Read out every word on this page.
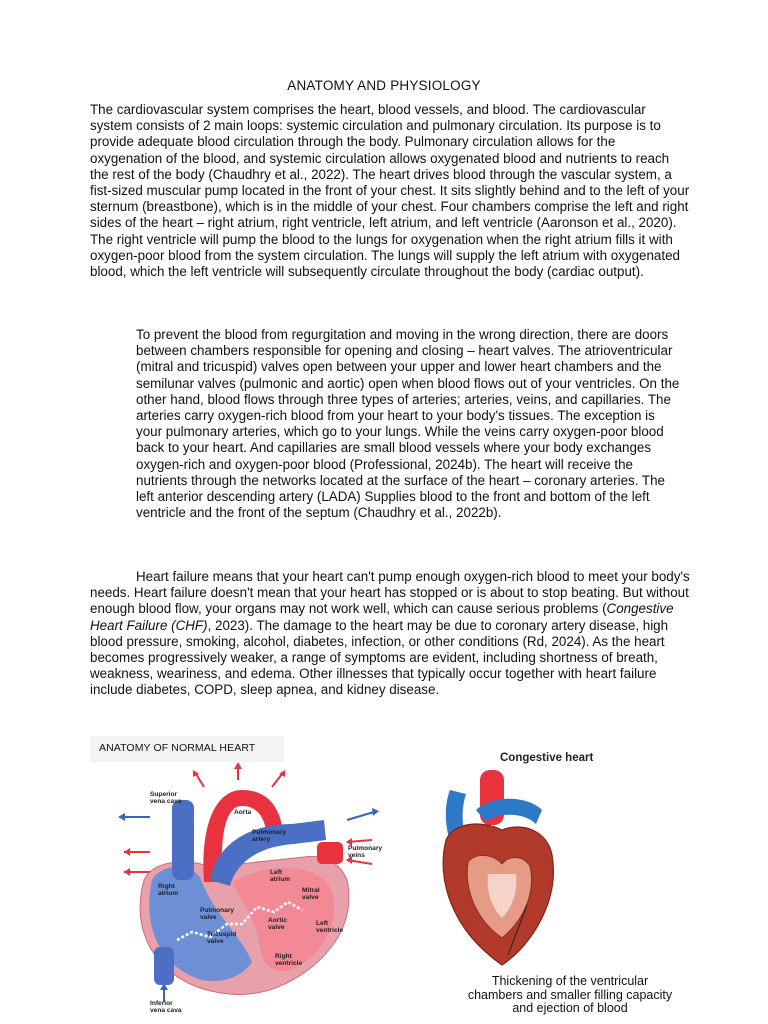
ANATOMY AND PHYSIOLOGY

The cardiovascular system comprises the heart, blood vessels, and blood. The cardiovascular system consists of 2 main loops: systemic circulation and pulmonary circulation. Its purpose is to provide adequate blood circulation through the body. Pulmonary circulation allows for the oxygenation of the blood, and systemic circulation allows oxygenated blood and nutrients to reach the rest of the body (Chaudhry et al., 2022). The heart drives blood through the vascular system, a fist-sized muscular pump located in the front of your chest. It sits slightly behind and to the left of your sternum (breastbone), which is in the middle of your chest. Four chambers comprise the left and right sides of the heart – right atrium, right ventricle, left atrium, and left ventricle (Aaronson et al., 2020). The right ventricle will pump the blood to the lungs for oxygenation when the right atrium fills it with oxygen-poor blood from the system circulation. The lungs will supply the left atrium with oxygenated blood, which the left ventricle will subsequently circulate throughout the body (cardiac output).

To prevent the blood from regurgitation and moving in the wrong direction, there are doors between chambers responsible for opening and closing – heart valves. The atrioventricular (mitral and tricuspid) valves open between your upper and lower heart chambers and the semilunar valves (pulmonic and aortic) open when blood flows out of your ventricles. On the other hand, blood flows through three types of arteries; arteries, veins, and capillaries. The arteries carry oxygen-rich blood from your heart to your body's tissues. The exception is your pulmonary arteries, which go to your lungs. While the veins carry oxygen-poor blood back to your heart. And capillaries are small blood vessels where your body exchanges oxygen-rich and oxygen-poor blood (Professional, 2024b). The heart will receive the nutrients through the networks located at the surface of the heart – coronary arteries. The left anterior descending artery (LADA) Supplies blood to the front and bottom of the left ventricle and the front of the septum (Chaudhry et al., 2022b).

Heart failure means that your heart can't pump enough oxygen-rich blood to meet your body's needs. Heart failure doesn't mean that your heart has stopped or is about to stop beating. But without enough blood flow, your organs may not work well, which can cause serious problems (Congestive Heart Failure (CHF), 2023). The damage to the heart may be due to coronary artery disease, high blood pressure, smoking, alcohol, diabetes, infection, or other conditions (Rd, 2024). As the heart becomes progressively weaker, a range of symptoms are evident, including shortness of breath, weakness, weariness, and edema. Other illnesses that typically occur together with heart failure include diabetes, COPD, sleep apnea, and kidney disease.

ANATOMY OF NORMAL HEART
Superior
vena cava
Aorta
Pulmonary
artery
Pulmonary
veins
Left
atrium
Right
atrium	Mitral
valve
Pulmonary
valve	Aortic
valve
Left
ventricle
Tricuspid
valve
Right
ventricle
Inferior
vena cava
Congestive heart
Thickening of the ventricular
chambers and smaller filling capacity
and ejection of blood
